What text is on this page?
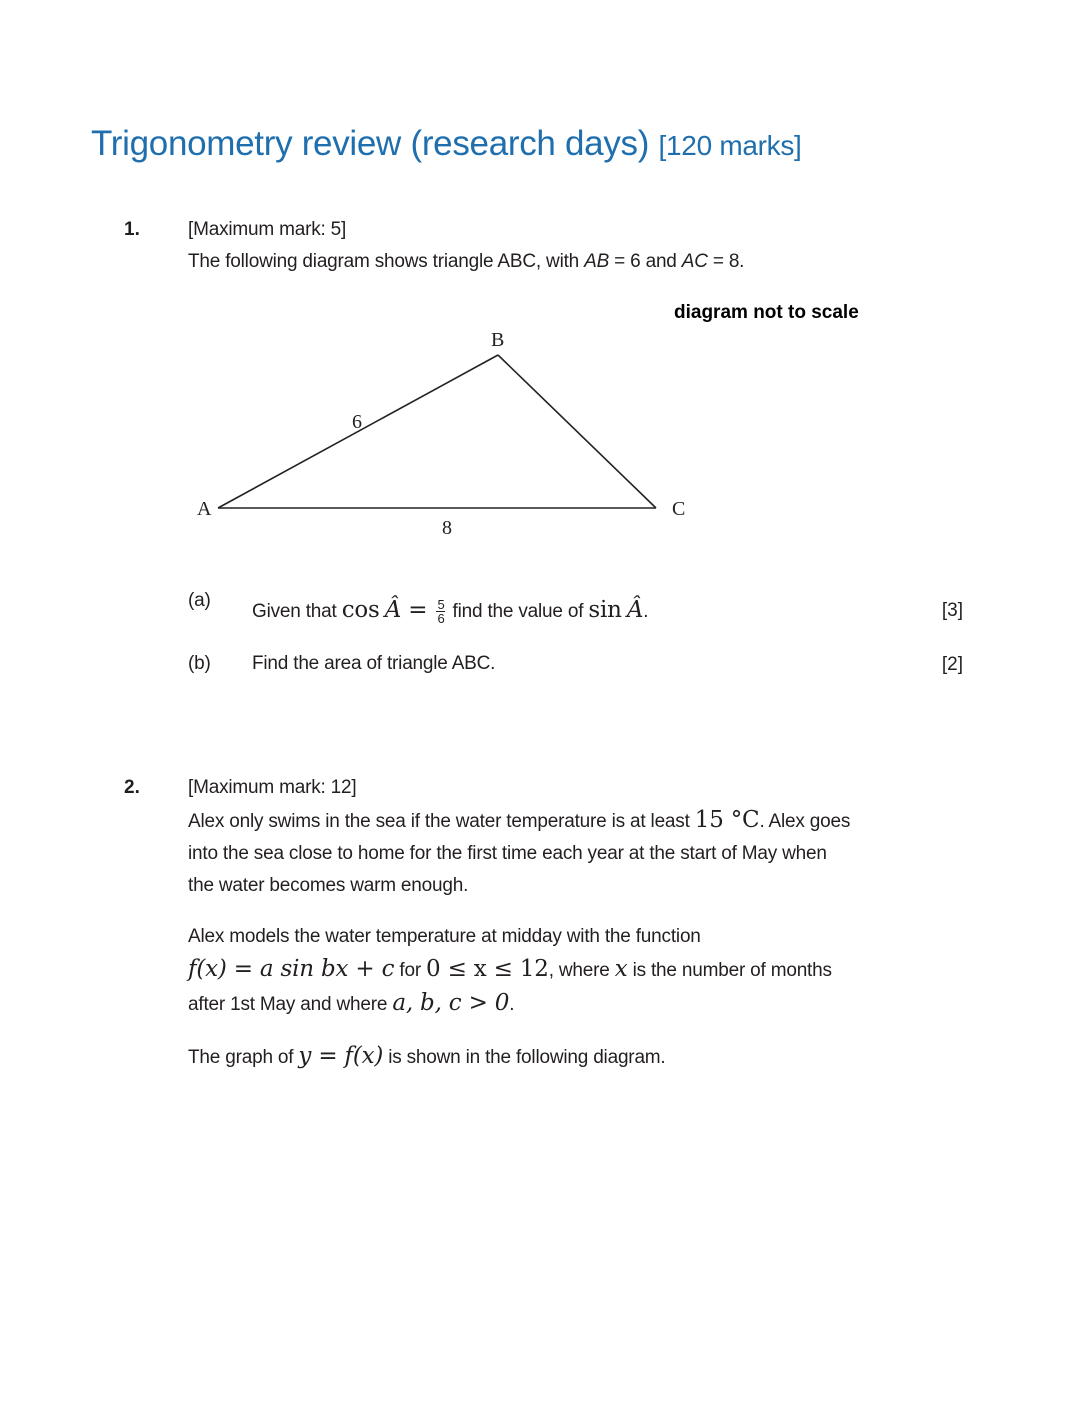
Trigonometry review (research days) [120 marks]
1.	[Maximum mark: 5]
The following diagram shows triangle ABC, with AB = 6 and AC = 8.
diagram not to scale
A
B
C
6
8
(a)
Given that cos Â = $\frac{5}{6}$ find the value of sin Â.	[3]
(b) Find the area of triangle ABC.	[2]
2.	[Maximum mark: 12]
Alex only swims in the sea if the water temperature is at least 15 °C. Alex goes
into the sea close to home for the first time each year at the start of May when
the water becomes warm enough.
Alex models the water temperature at midday with the function
f(x) = a sin bx + c for 0 ≤ x ≤ 12, where x is the number of months
after 1st May and where a, b, c > 0.
The graph of y = f(x) is shown in the following diagram.
